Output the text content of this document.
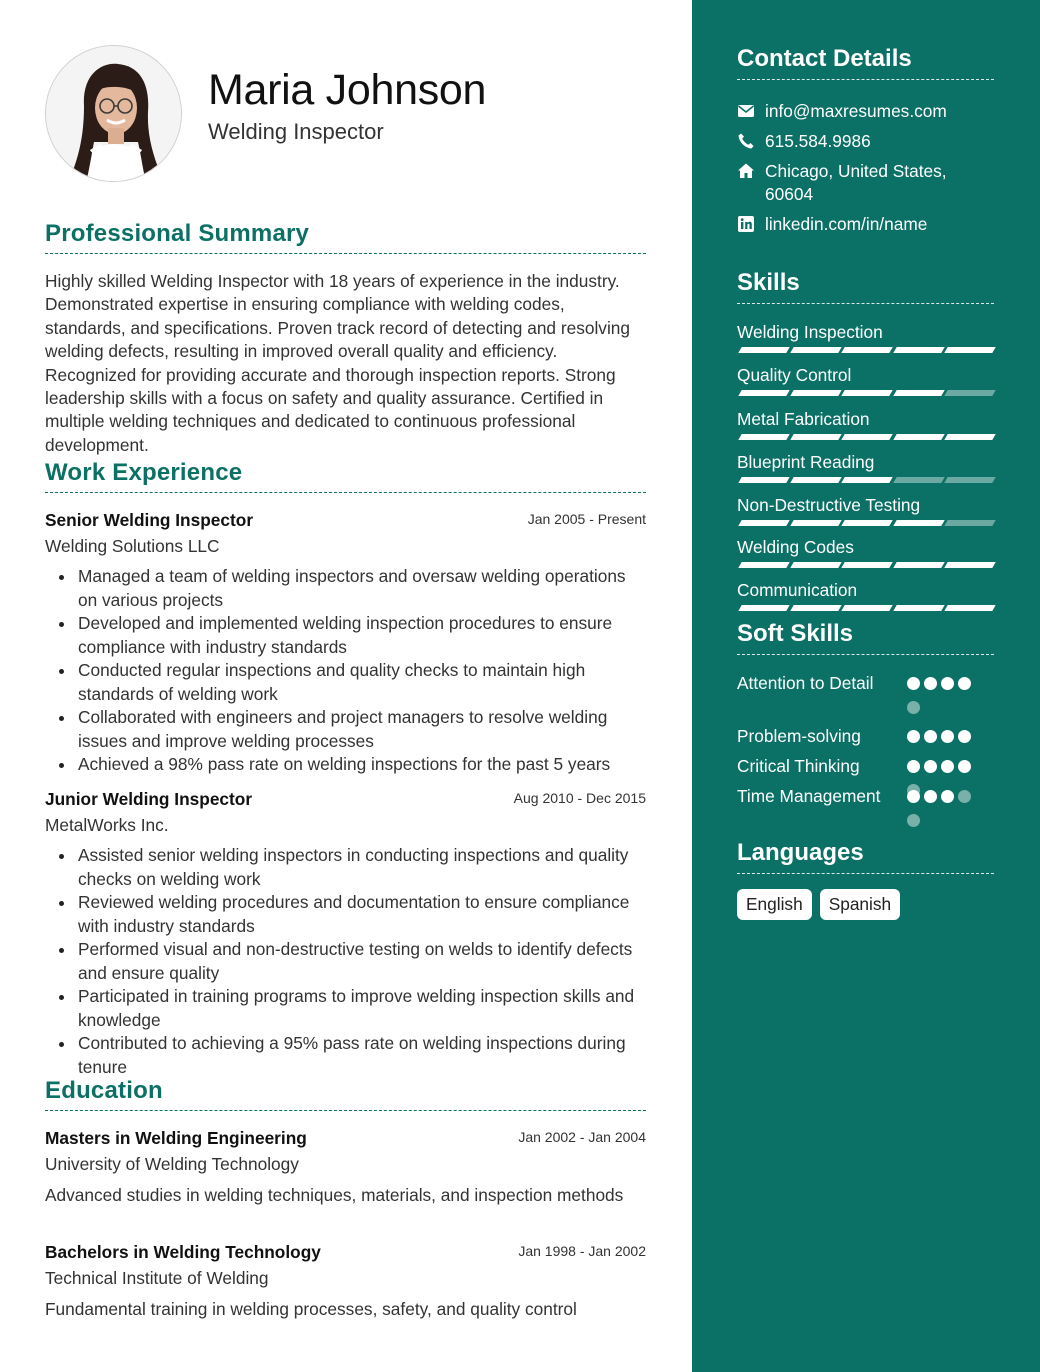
Maria Johnson
Welding Inspector
Professional Summary
Highly skilled Welding Inspector with 18 years of experience in the industry. Demonstrated expertise in ensuring compliance with welding codes, standards, and specifications. Proven track record of detecting and resolving welding defects, resulting in improved overall quality and efficiency. Recognized for providing accurate and thorough inspection reports. Strong leadership skills with a focus on safety and quality assurance. Certified in multiple welding techniques and dedicated to continuous professional development.
Work Experience
Senior Welding Inspector	Jan 2005 - Present
Welding Solutions LLC
Managed a team of welding inspectors and oversaw welding operations on various projects
Developed and implemented welding inspection procedures to ensure compliance with industry standards
Conducted regular inspections and quality checks to maintain high standards of welding work
Collaborated with engineers and project managers to resolve welding issues and improve welding processes
Achieved a 98% pass rate on welding inspections for the past 5 years
Junior Welding Inspector	Aug 2010 - Dec 2015
MetalWorks Inc.
Assisted senior welding inspectors in conducting inspections and quality checks on welding work
Reviewed welding procedures and documentation to ensure compliance with industry standards
Performed visual and non-destructive testing on welds to identify defects and ensure quality
Participated in training programs to improve welding inspection skills and knowledge
Contributed to achieving a 95% pass rate on welding inspections during tenure
Education
Masters in Welding Engineering	Jan 2002 - Jan 2004
University of Welding Technology
Advanced studies in welding techniques, materials, and inspection methods
Bachelors in Welding Technology	Jan 1998 - Jan 2002
Technical Institute of Welding
Fundamental training in welding processes, safety, and quality control
Contact Details
info@maxresumes.com
615.584.9986
Chicago, United States, 60604
linkedin.com/in/name
Skills
Welding Inspection
Quality Control
Metal Fabrication
Blueprint Reading
Non-Destructive Testing
Welding Codes
Communication
Soft Skills
Attention to Detail
Problem-solving
Critical Thinking
Time Management
Languages
English	Spanish
